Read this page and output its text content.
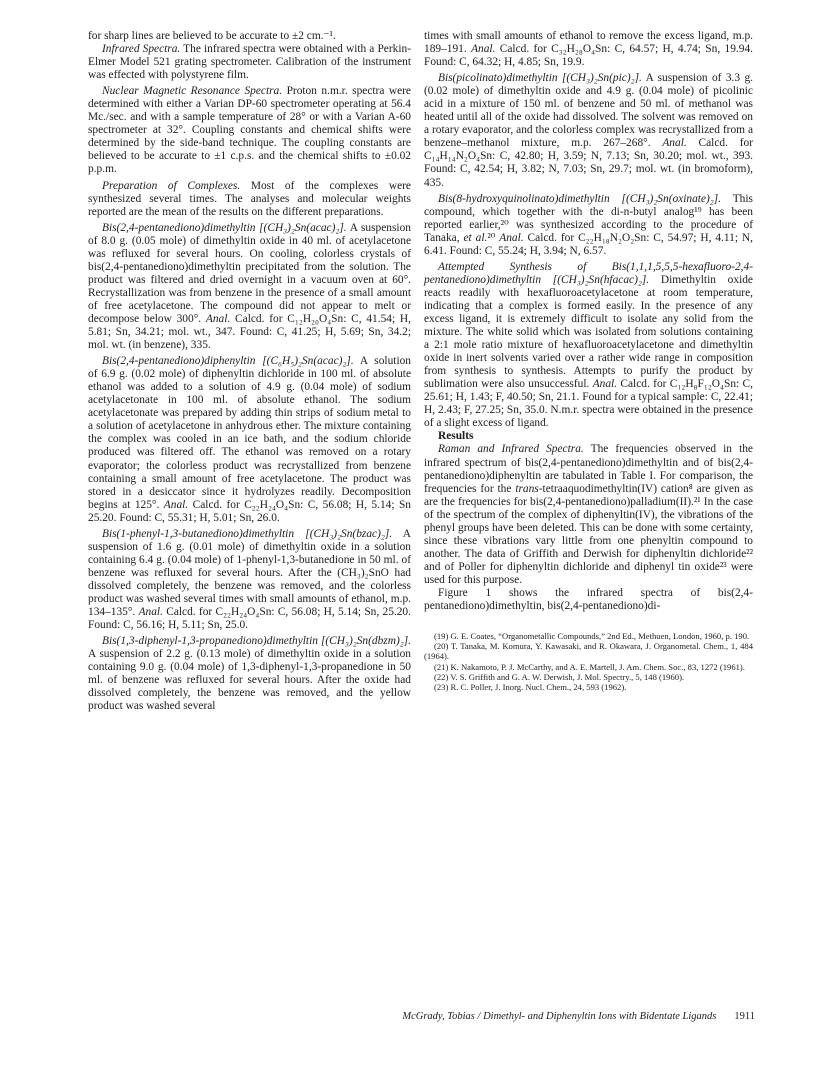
for sharp lines are believed to be accurate to ±2 cm.⁻¹.

Infrared Spectra. The infrared spectra were obtained with a Perkin-Elmer Model 521 grating spectrometer. Calibration of the instrument was effected with polystyrene film.

Nuclear Magnetic Resonance Spectra. Proton n.m.r. spectra were determined with either a Varian DP-60 spectrometer operating at 56.4 Mc./sec. and with a sample temperature of 28° or with a Varian A-60 spectrometer at 32°. Coupling constants and chemical shifts were determined by the side-band technique. The coupling constants are believed to be accurate to ±1 c.p.s. and the chemical shifts to ±0.02 p.p.m.

Preparation of Complexes. Most of the complexes were synthesized several times. The analyses and molecular weights reported are the mean of the results on the different preparations.

Bis(2,4-pentanediono)dimethyltin [(CH₃)₂Sn(acac)₂]. A suspension of 8.0 g. (0.05 mole) of dimethyltin oxide in 40 ml. of acetylacetone was refluxed for several hours. On cooling, colorless crystals of bis(2,4-pentanediono)dimethyltin precipitated from the solution. The product was filtered and dried overnight in a vacuum oven at 60°. Recrystallization was from benzene in the presence of a small amount of free acetylacetone. The compound did not appear to melt or decompose below 300°. Anal. Calcd. for C₁₂H₂₀O₄Sn: C, 41.54; H, 5.81; Sn, 34.21; mol. wt., 347. Found: C, 41.25; H, 5.69; Sn, 34.2; mol. wt. (in benzene), 335.

Bis(2,4-pentanediono)diphenyltin [(C₆H₅)₂Sn(acac)₂]. A solution of 6.9 g. (0.02 mole) of diphenyltin dichloride in 100 ml. of absolute ethanol was added to a solution of 4.9 g. (0.04 mole) of sodium acetylacetonate in 100 ml. of absolute ethanol. The sodium acetylacetonate was prepared by adding thin strips of sodium metal to a solution of acetylacetone in anhydrous ether. The mixture containing the complex was cooled in an ice bath, and the sodium chloride produced was filtered off. The ethanol was removed on a rotary evaporator; the colorless product was recrystallized from benzene containing a small amount of free acetylacetone. The product was stored in a desiccator since it hydrolyzes readily. Decomposition begins at 125°. Anal. Calcd. for C₂₂H₂₄O₄Sn: C, 56.08; H, 5.14; Sn 25.20. Found: C, 55.31; H, 5.01; Sn, 26.0.

Bis(1-phenyl-1,3-butanediono)dimethyltin [(CH₃)₂Sn(bzac)₂]. A suspension of 1.6 g. (0.01 mole) of dimethyltin oxide in a solution containing 6.4 g. (0.04 mole) of 1-phenyl-1,3-butanedione in 50 ml. of benzene was refluxed for several hours. After the (CH₃)₂SnO had dissolved completely, the benzene was removed, and the colorless product was washed several times with small amounts of ethanol, m.p. 134–135°. Anal. Calcd. for C₂₂H₂₄O₄Sn: C, 56.08; H, 5.14; Sn, 25.20. Found: C, 56.16; H, 5.11; Sn, 25.0.

Bis(1,3-diphenyl-1,3-propanediono)dimethyltin [(CH₃)₂Sn(dbzm)₂]. A suspension of 2.2 g. (0.13 mole) of dimethyltin oxide in a solution containing 9.0 g. (0.04 mole) of 1,3-diphenyl-1,3-propanedione in 50 ml. of benzene was refluxed for several hours. After the oxide had dissolved completely, the benzene was removed, and the yellow product was washed several

times with small amounts of ethanol to remove the excess ligand, m.p. 189–191. Anal. Calcd. for C₃₂H₂₈O₄Sn: C, 64.57; H, 4.74; Sn, 19.94. Found: C, 64.32; H, 4.85; Sn, 19.9.

Bis(picolinato)dimethyltin [(CH₃)₂Sn(pic)₂]. A suspension of 3.3 g. (0.02 mole) of dimethyltin oxide and 4.9 g. (0.04 mole) of picolinic acid in a mixture of 150 ml. of benzene and 50 ml. of methanol was heated until all of the oxide had dissolved. The solvent was removed on a rotary evaporator, and the colorless complex was recrystallized from a benzene–methanol mixture, m.p. 267–268°. Anal. Calcd. for C₁₄H₁₄N₂O₄Sn: C, 42.80; H, 3.59; N, 7.13; Sn, 30.20; mol. wt., 393. Found: C, 42.54; H, 3.82; N, 7.03; Sn, 29.7; mol. wt. (in bromoform), 435.

Bis(8-hydroxyquinolinato)dimethyltin [(CH₃)₂Sn(oxinate)₂]. This compound, which together with the di-n-butyl analog¹⁹ has been reported earlier,²⁰ was synthesized according to the procedure of Tanaka, et al.²⁰ Anal. Calcd. for C₂₂H₁₈N₂O₂Sn: C, 54.97; H, 4.11; N, 6.41. Found: C, 55.24; H, 3.94; N, 6.57.

Attempted Synthesis of Bis(1,1,1,5,5,5-hexafluoro-2,4-pentanediono)dimethyltin [(CH₃)₂Sn(hfacac)₂]. Dimethyltin oxide reacts readily with hexafluoroacetylacetone at room temperature, indicating that a complex is formed easily. In the presence of any excess ligand, it is extremely difficult to isolate any solid from the mixture. The white solid which was isolated from solutions containing a 2:1 mole ratio mixture of hexafluoroacetylacetone and dimethyltin oxide in inert solvents varied over a rather wide range in composition from synthesis to synthesis. Attempts to purify the product by sublimation were also unsuccessful. Anal. Calcd. for C₁₂H₈F₁₂O₄Sn: C, 25.61; H, 1.43; F, 40.50; Sn, 21.1. Found for a typical sample: C, 22.41; H, 2.43; F, 27.25; Sn, 35.0. N.m.r. spectra were obtained in the presence of a slight excess of ligand.

Results

Raman and Infrared Spectra. The frequencies observed in the infrared spectrum of bis(2,4-pentanediono)dimethyltin and of bis(2,4-pentanediono)diphenyltin are tabulated in Table I. For comparison, the frequencies for the trans-tetraaquodimethyltin(IV) cation⁸ are given as are the frequencies for bis(2,4-pentanediono)palladium(II).²¹ In the case of the spectrum of the complex of diphenyltin(IV), the vibrations of the phenyl groups have been deleted. This can be done with some certainty, since these vibrations vary little from one phenyltin compound to another. The data of Griffith and Derwish for diphenyltin dichloride²² and of Poller for diphenyltin dichloride and diphenyl tin oxide²³ were used for this purpose.

Figure 1 shows the infrared spectra of bis(2,4-pentanediono)dimethyltin, bis(2,4-pentanediono)di-

(19) G. E. Coates, “Organometallic Compounds,” 2nd Ed., Methuen, London, 1960, p. 190.

(20) T. Tanaka, M. Komura, Y. Kawasaki, and R. Okawara, J. Organometal. Chem., 1, 484 (1964).

(21) K. Nakamoto, P. J. McCarthy, and A. E. Martell, J. Am. Chem. Soc., 83, 1272 (1961).

(22) V. S. Griffith and G. A. W. Derwish, J. Mol. Spectry., 5, 148 (1960).

(23) R. C. Poller, J. Inorg. Nucl. Chem., 24, 593 (1962).

McGrady, Tobias / Dimethyl- and Diphenyltin Ions with Bidentate Ligands 1911
